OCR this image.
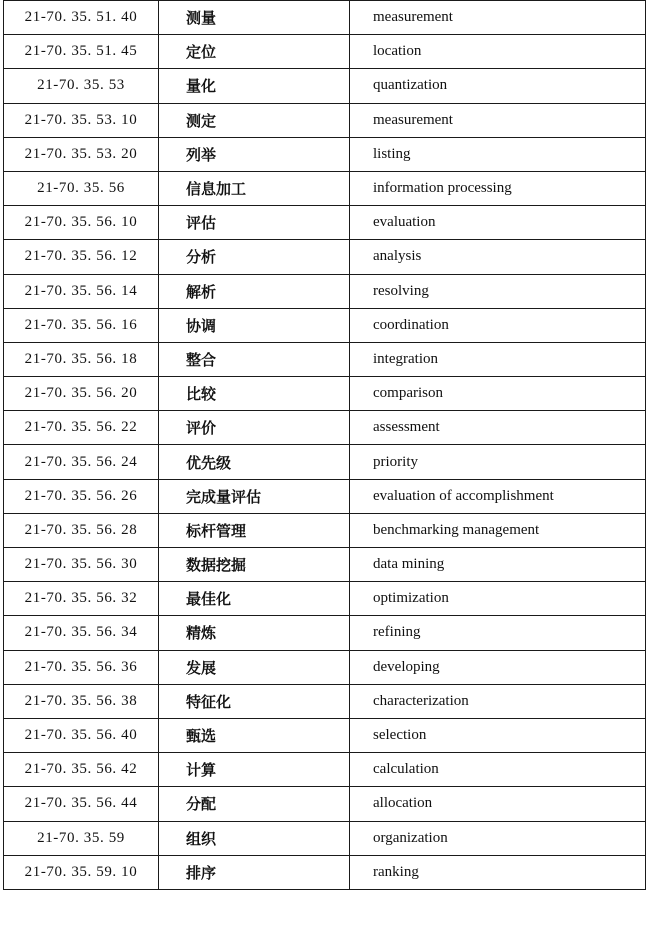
21-70. 35. 51. 40	测量	measurement
21-70. 35. 51. 45	定位	location
21-70. 35. 53	量化	quantization
21-70. 35. 53. 10	测定	measurement
21-70. 35. 53. 20	列举	listing
21-70. 35. 56	信息加工	information processing
21-70. 35. 56. 10	评估	evaluation
21-70. 35. 56. 12	分析	analysis
21-70. 35. 56. 14	解析	resolving
21-70. 35. 56. 16	协调	coordination
21-70. 35. 56. 18	整合	integration
21-70. 35. 56. 20	比较	comparison
21-70. 35. 56. 22	评价	assessment
21-70. 35. 56. 24	优先级	priority
21-70. 35. 56. 26	完成量评估	evaluation of accomplishment
21-70. 35. 56. 28	标杆管理	benchmarking management
21-70. 35. 56. 30	数据挖掘	data mining
21-70. 35. 56. 32	最佳化	optimization
21-70. 35. 56. 34	精炼	refining
21-70. 35. 56. 36	发展	developing
21-70. 35. 56. 38	特征化	characterization
21-70. 35. 56. 40	甄选	selection
21-70. 35. 56. 42	计算	calculation
21-70. 35. 56. 44	分配	allocation
21-70. 35. 59	组织	organization
21-70. 35. 59. 10	排序	ranking
